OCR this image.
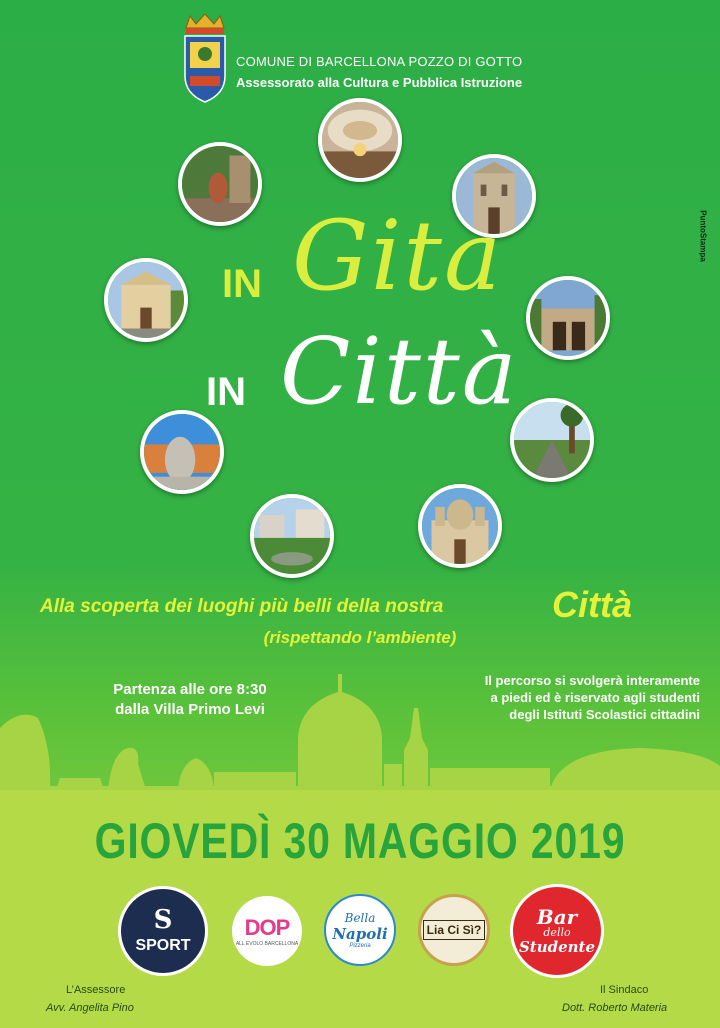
COMUNE DI BARCELLONA POZZO DI GOTTO
Assessorato alla Cultura e Pubblica Istruzione
PuntoStampa
Gita
IN
Città
IN
Alla scoperta dei luoghi più belli della nostra	Città
(rispettando l’ambiente)
Partenza alle ore 8:30
dalla Villa Primo Levi
Il percorso si svolgerà interamente
a piedi ed è riservato agli studenti
degli Istituti Scolastici cittadini
GIOVEDÌ 30 MAGGIO 2019
S
SPORT
DOP
ALL EVOLO BARCELLONA
Bella
Napoli
Pizzeria
Lia Ci Sì?
Bar
dello
Studente
L’Assessore
Avv. Angelita Pino
Il Sindaco
Dott. Roberto Materia
